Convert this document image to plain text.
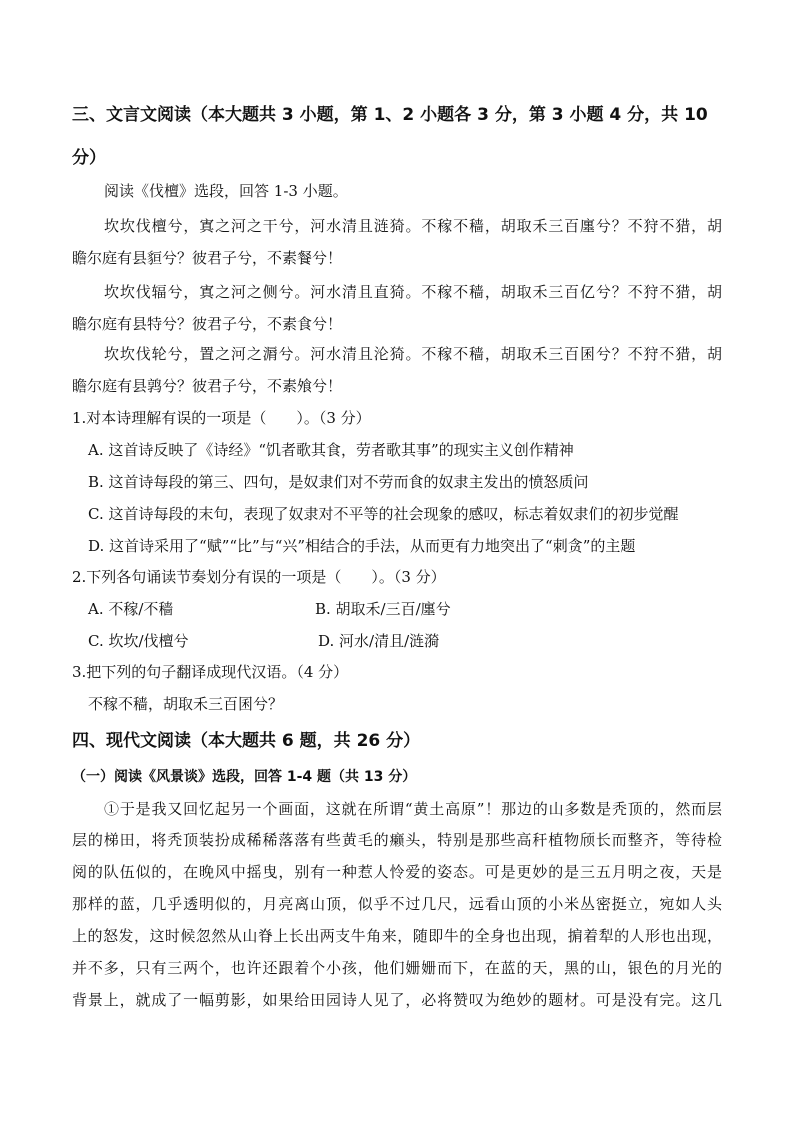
三、文言文阅读（本大题共 3 小题，第 1、2 小题各 3 分，第 3 小题 4 分，共 10
分）
阅读《伐檀》选段，回答 1-3 小题。
坎坎伐檀兮，寘之河之干兮，河水清且涟猗。不稼不穑，胡取禾三百廛兮？不狩不猎，胡
瞻尔庭有县貆兮？彼君子兮，不素餐兮！
坎坎伐辐兮，寘之河之侧兮。河水清且直猗。不稼不穑，胡取禾三百亿兮？不狩不猎，胡
瞻尔庭有县特兮？彼君子兮，不素食兮！
坎坎伐轮兮，置之河之漘兮。河水清且沦猗。不稼不穑，胡取禾三百囷兮？不狩不猎，胡
瞻尔庭有县鹑兮？彼君子兮，不素飧兮！
1.对本诗理解有误的一项是（　　）。（3 分）
A. 这首诗反映了《诗经》“饥者歌其食，劳者歌其事”的现实主义创作精神
B. 这首诗每段的第三、四句，是奴隶们对不劳而食的奴隶主发出的愤怒质问
C. 这首诗每段的末句，表现了奴隶对不平等的社会现象的感叹，标志着奴隶们的初步觉醒
D. 这首诗采用了“赋”“比”与“兴”相结合的手法，从而更有力地突出了“刺贪”的主题
2.下列各句诵读节奏划分有误的一项是（　　）。（3 分）
A. 不稼/不穑	B. 胡取禾/三百/廛兮
C. 坎坎/伐檀兮	D. 河水/清且/涟漪
3.把下列的句子翻译成现代汉语。（4 分）
不稼不穑，胡取禾三百囷兮？
四、现代文阅读（本大题共 6 题，共 26 分）
（一）阅读《风景谈》选段，回答 1-4 题（共 13 分）
①于是我又回忆起另一个画面，这就在所谓“黄土高原”！那边的山多数是秃顶的，然而层
层的梯田，将秃顶装扮成稀稀落落有些黄毛的癞头，特别是那些高秆植物颀长而整齐，等待检
阅的队伍似的，在晚风中摇曳，别有一种惹人怜爱的姿态。可是更妙的是三五月明之夜，天是
那样的蓝，几乎透明似的，月亮离山顶，似乎不过几尺，远看山顶的小米丛密挺立，宛如人头
上的怒发，这时候忽然从山脊上长出两支牛角来，随即牛的全身也出现，掮着犁的人形也出现，
并不多，只有三两个，也许还跟着个小孩，他们姗姗而下，在蓝的天，黑的山，银色的月光的
背景上，就成了一幅剪影，如果给田园诗人见了，必将赞叹为绝妙的题材。可是没有完。这几
